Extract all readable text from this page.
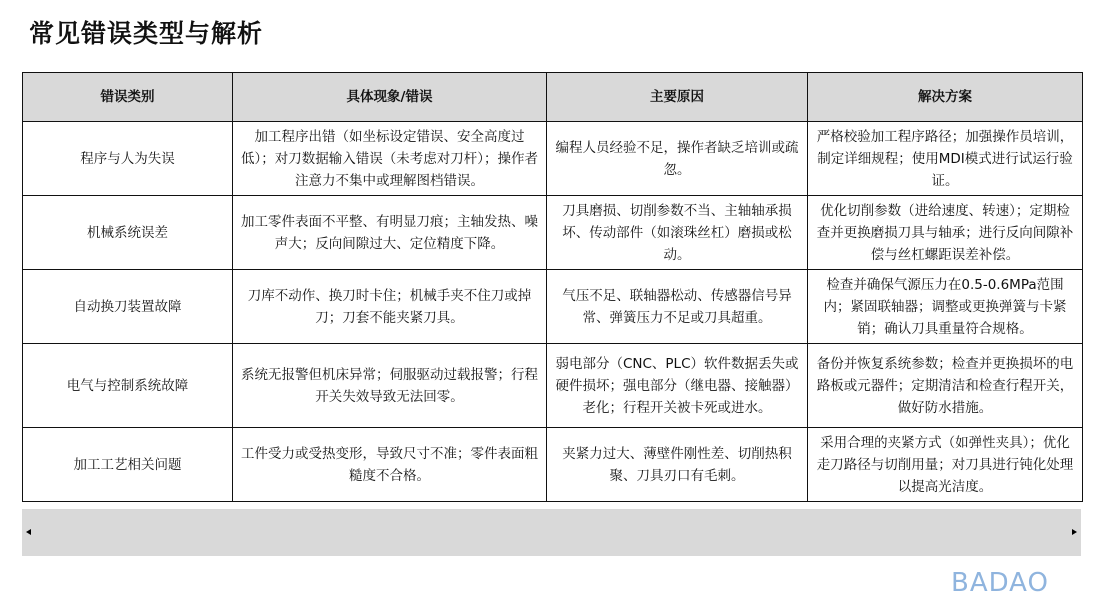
常见错误类型与解析
错误类别	具体现象/错误	主要原因	解决方案
程序与人为失误	加工程序出错（如坐标设定错误、安全高度过低）；对刀数据输入错误（未考虑对刀杆）；操作者注意力不集中或理解图档错误。	编程人员经验不足，操作者缺乏培训或疏忽。	严格校验加工程序路径；加强操作员培训，制定详细规程；使用MDI模式进行试运行验证。
机械系统误差	加工零件表面不平整、有明显刀痕；主轴发热、噪声大；反向间隙过大、定位精度下降。	刀具磨损、切削参数不当、主轴轴承损坏、传动部件（如滚珠丝杠）磨损或松动。	优化切削参数（进给速度、转速）；定期检查并更换磨损刀具与轴承；进行反向间隙补偿与丝杠螺距误差补偿。
自动换刀装置故障	刀库不动作、换刀时卡住；机械手夹不住刀或掉刀；刀套不能夹紧刀具。	气压不足、联轴器松动、传感器信号异常、弹簧压力不足或刀具超重。	检查并确保气源压力在0.5-0.6MPa范围内；紧固联轴器；调整或更换弹簧与卡紧销；确认刀具重量符合规格。
电气与控制系统故障	系统无报警但机床异常；伺服驱动过载报警；行程开关失效导致无法回零。	弱电部分（CNC、PLC）软件数据丢失或硬件损坏；强电部分（继电器、接触器）老化；行程开关被卡死或进水。	备份并恢复系统参数；检查并更换损坏的电路板或元器件；定期清洁和检查行程开关，做好防水措施。
加工工艺相关问题	工件受力或受热变形，导致尺寸不准；零件表面粗糙度不合格。	夹紧力过大、薄壁件刚性差、切削热积聚、刀具刃口有毛刺。	采用合理的夹紧方式（如弹性夹具）；优化走刀路径与切削用量；对刀具进行钝化处理以提高光洁度。
BADAO
